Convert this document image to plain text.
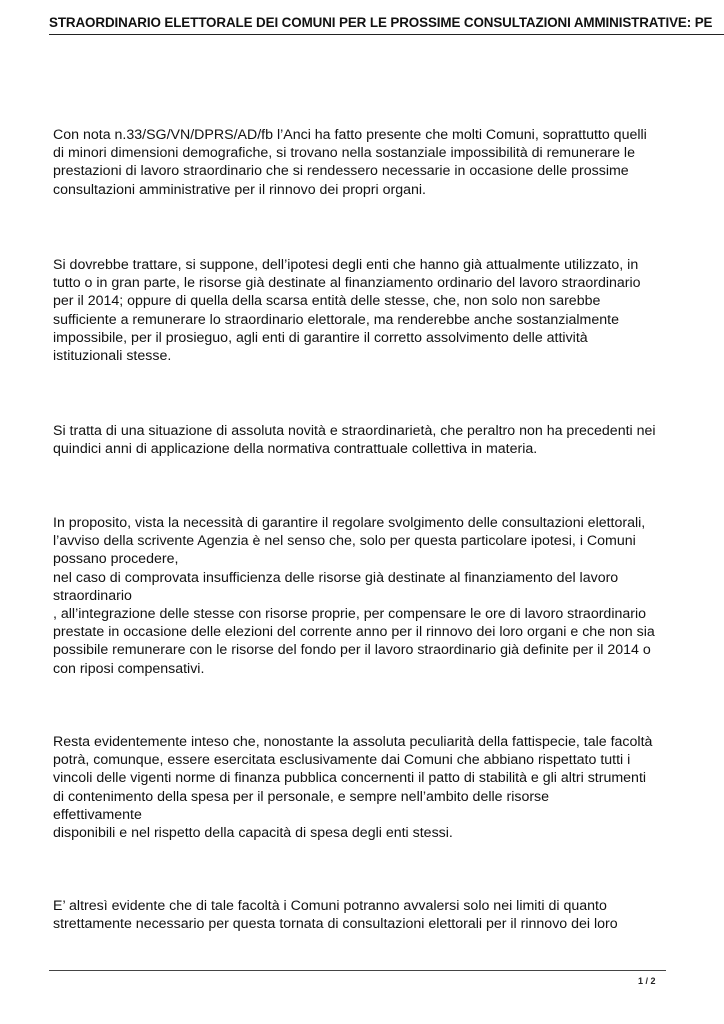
STRAORDINARIO ELETTORALE DEI COMUNI PER LE PROSSIME CONSULTAZIONI AMMINISTRATIVE: PE

Con nota n.33/SG/VN/DPRS/AD/fb l’Anci ha fatto presente che molti Comuni, soprattutto quelli
di minori dimensioni demografiche, si trovano nella sostanziale impossibilità di remunerare le
prestazioni di lavoro straordinario che si rendessero necessarie in occasione delle prossime
consultazioni amministrative per il rinnovo dei propri organi.

Si dovrebbe trattare, si suppone, dell’ipotesi degli enti che hanno già attualmente utilizzato, in
tutto o in gran parte, le risorse già destinate al finanziamento ordinario del lavoro straordinario
per il 2014; oppure di quella della scarsa entità delle stesse, che, non solo non sarebbe
sufficiente a remunerare lo straordinario elettorale, ma renderebbe anche sostanzialmente
impossibile, per il prosieguo, agli enti di garantire il corretto assolvimento delle attività
istituzionali stesse.

Si tratta di una situazione di assoluta novità e straordinarietà, che peraltro non ha precedenti nei
quindici anni di applicazione della normativa contrattuale collettiva in materia.

In proposito, vista la necessità di garantire il regolare svolgimento delle consultazioni elettorali,
l’avviso della scrivente Agenzia è nel senso che, solo per questa particolare ipotesi, i Comuni
possano procedere,
nel caso di comprovata insufficienza delle risorse già destinate al finanziamento del lavoro
straordinario
, all’integrazione delle stesse con risorse proprie, per compensare le ore di lavoro straordinario
prestate in occasione delle elezioni del corrente anno per il rinnovo dei loro organi e che non sia
possibile remunerare con le risorse del fondo per il lavoro straordinario già definite per il 2014 o
con riposi compensativi.

Resta evidentemente inteso che, nonostante la assoluta peculiarità della fattispecie, tale facoltà
potrà, comunque, essere esercitata esclusivamente dai Comuni che abbiano rispettato tutti i
vincoli delle vigenti norme di finanza pubblica concernenti il patto di stabilità e gli altri strumenti
di contenimento della spesa per il personale, e sempre nell’ambito delle risorse
effettivamente
disponibili e nel rispetto della capacità di spesa degli enti stessi.

E’ altresì evidente che di tale facoltà i Comuni potranno avvalersi solo nei limiti di quanto
strettamente necessario per questa tornata di consultazioni elettorali per il rinnovo dei loro

1 / 2
